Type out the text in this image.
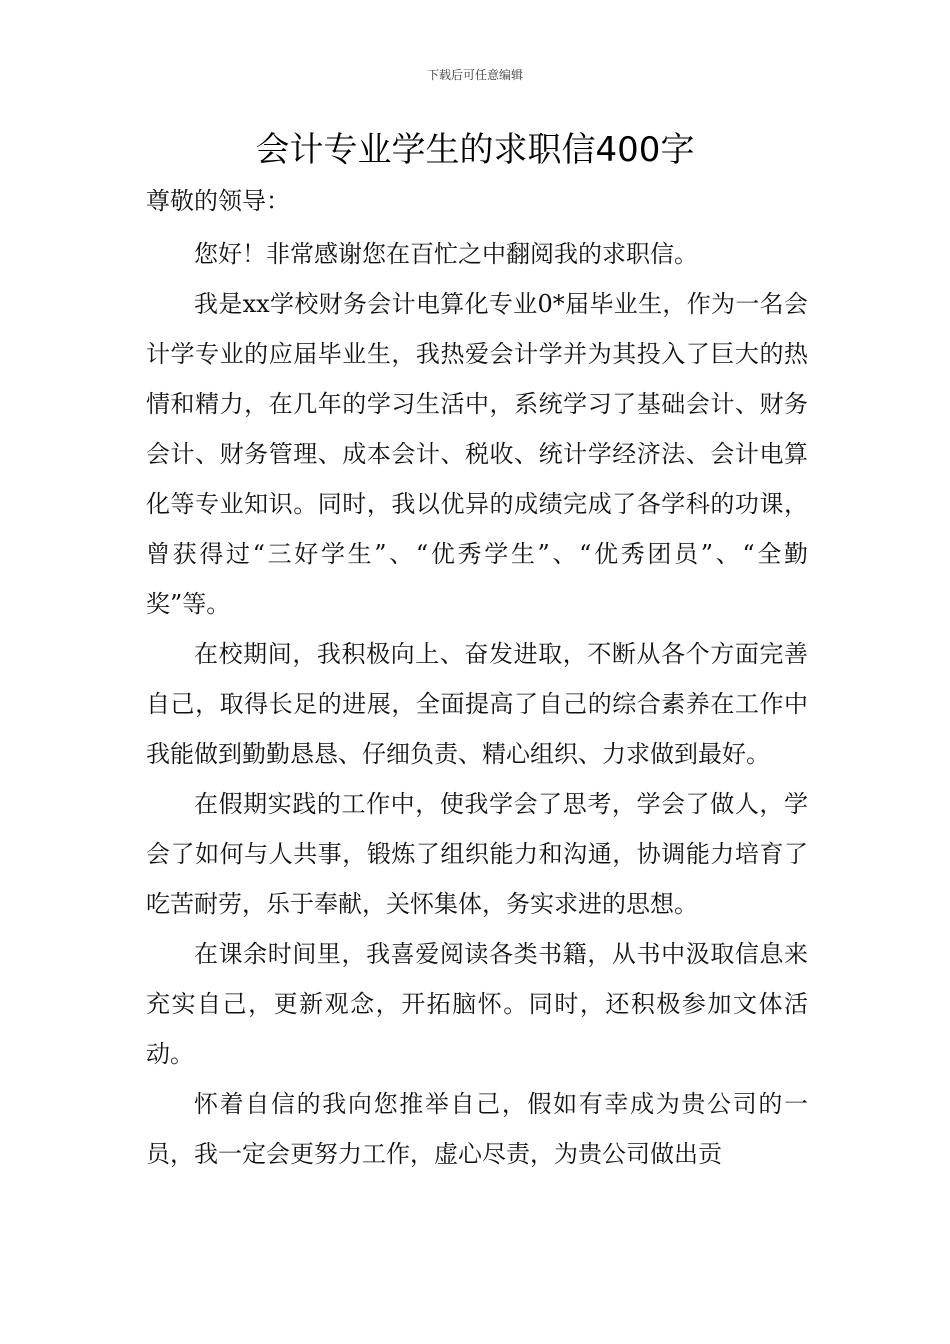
下载后可任意编辑
会计专业学生的求职信400字

尊敬的领导：

您好！非常感谢您在百忙之中翻阅我的求职信。

我是xx学校财务会计电算化专业0*届毕业生，作为一名会计学专业的应届毕业生，我热爱会计学并为其投入了巨大的热情和精力，在几年的学习生活中，系统学习了基础会计、财务会计、财务管理、成本会计、税收、统计学经济法、会计电算化等专业知识。同时，我以优异的成绩完成了各学科的功课，曾获得过“三好学生”、“优秀学生”、“优秀团员”、“全勤奖”等。

在校期间，我积极向上、奋发进取，不断从各个方面完善自己，取得长足的进展，全面提高了自己的综合素养在工作中我能做到勤勤恳恳、仔细负责、精心组织、力求做到最好。

在假期实践的工作中，使我学会了思考，学会了做人，学会了如何与人共事，锻炼了组织能力和沟通，协调能力培育了吃苦耐劳，乐于奉献，关怀集体，务实求进的思想。

在课余时间里，我喜爱阅读各类书籍，从书中汲取信息来充实自己，更新观念，开拓脑怀。同时，还积极参加文体活动。

怀着自信的我向您推举自己，假如有幸成为贵公司的一员，我一定会更努力工作，虚心尽责，为贵公司做出贡
